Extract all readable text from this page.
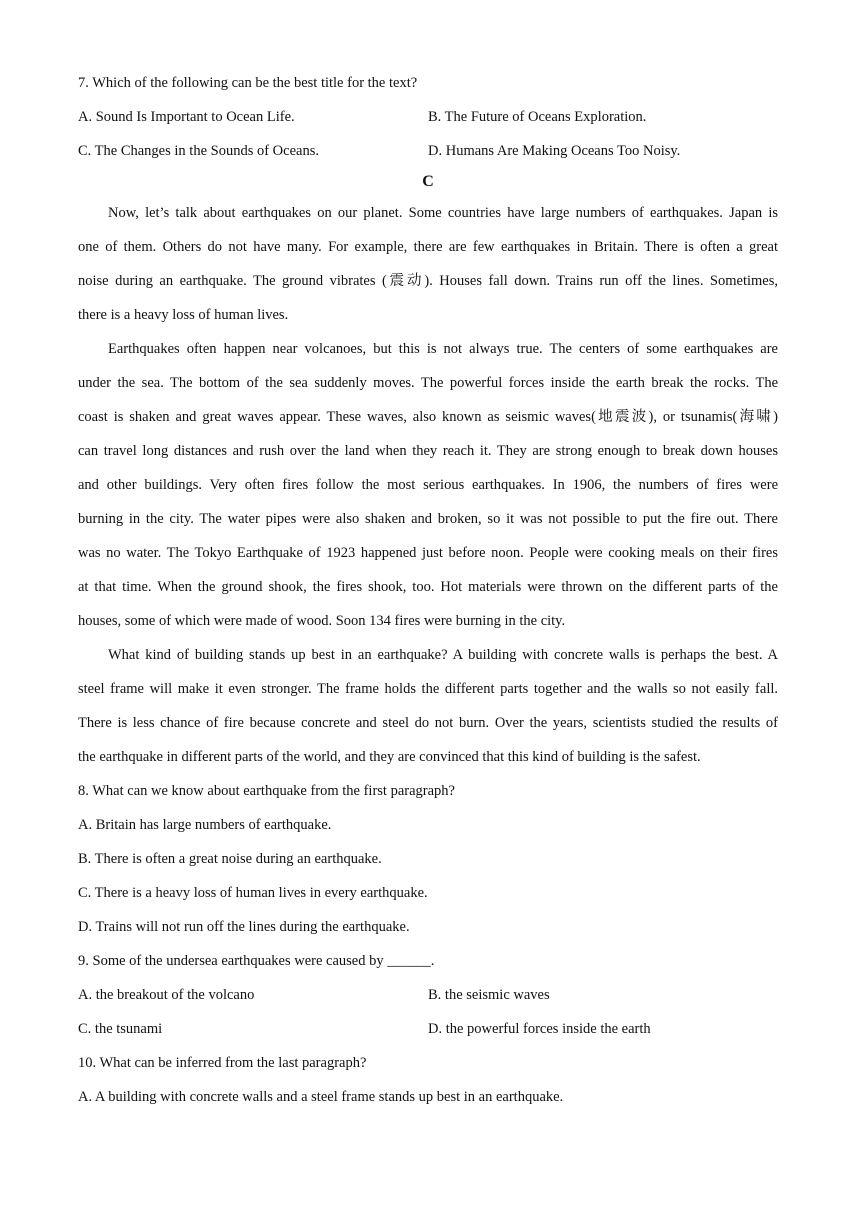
7. Which of the following can be the best title for the text?
A. Sound Is Important to Ocean Life.	B. The Future of Oceans Exploration.
C. The Changes in the Sounds of Oceans.	D. Humans Are Making Oceans Too Noisy.
C
Now, let’s talk about earthquakes on our planet. Some countries have large numbers of earthquakes. Japan is
one of them. Others do not have many. For example, there are few earthquakes in Britain. There is often a great
noise during an earthquake. The ground vibrates (震动). Houses fall down. Trains run off the lines. Sometimes,
there is a heavy loss of human lives.
Earthquakes often happen near volcanoes, but this is not always true. The centers of some earthquakes are
under the sea. The bottom of the sea suddenly moves. The powerful forces inside the earth break the rocks. The
coast is shaken and great waves appear. These waves, also known as seismic waves(地震波), or tsunamis(海啸)
can travel long distances and rush over the land when they reach it. They are strong enough to break down houses
and other buildings. Very often fires follow the most serious earthquakes. In 1906, the numbers of fires were
burning in the city. The water pipes were also shaken and broken, so it was not possible to put the fire out. There
was no water. The Tokyo Earthquake of 1923 happened just before noon. People were cooking meals on their fires
at that time. When the ground shook, the fires shook, too. Hot materials were thrown on the different parts of the
houses, some of which were made of wood. Soon 134 fires were burning in the city.
What kind of building stands up best in an earthquake? A building with concrete walls is perhaps the best. A
steel frame will make it even stronger. The frame holds the different parts together and the walls so not easily fall.
There is less chance of fire because concrete and steel do not burn. Over the years, scientists studied the results of
the earthquake in different parts of the world, and they are convinced that this kind of building is the safest.
8. What can we know about earthquake from the first paragraph?
A. Britain has large numbers of earthquake.
B. There is often a great noise during an earthquake.
C. There is a heavy loss of human lives in every earthquake.
D. Trains will not run off the lines during the earthquake.
9. Some of the undersea earthquakes were caused by ______.
A. the breakout of the volcano	B. the seismic waves
C. the tsunami	D. the powerful forces inside the earth
10. What can be inferred from the last paragraph?
A. A building with concrete walls and a steel frame stands up best in an earthquake.
